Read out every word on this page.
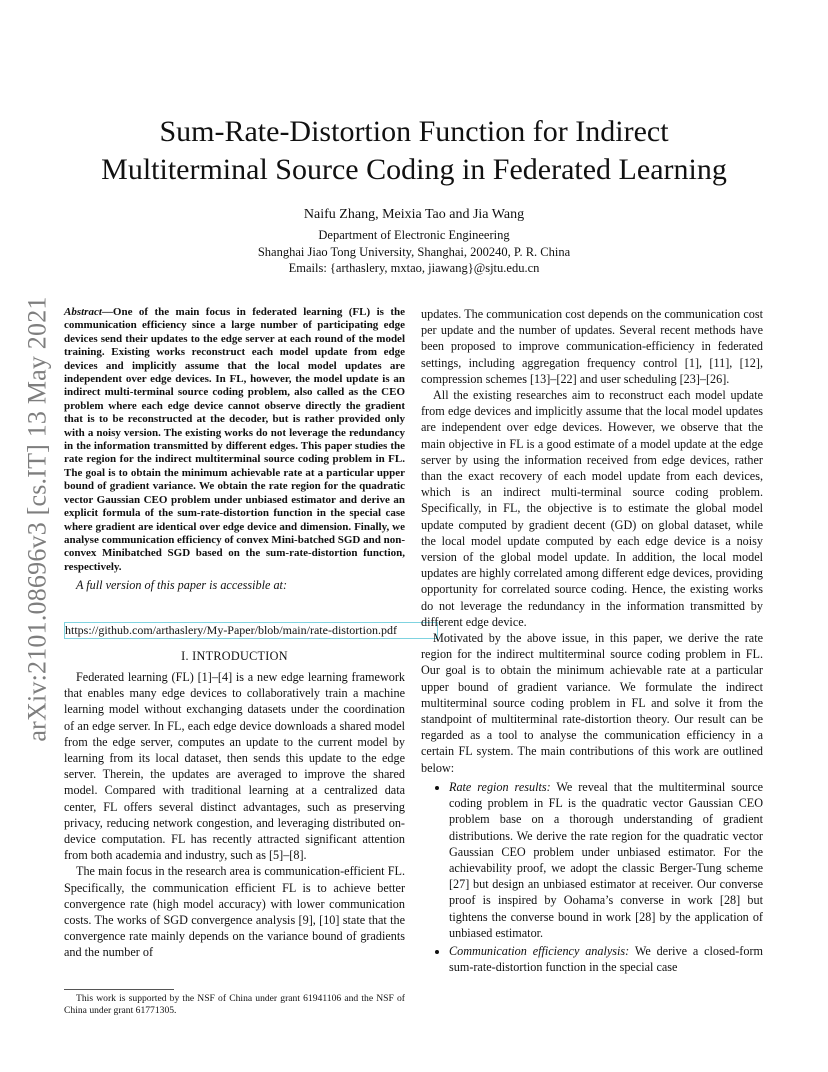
arXiv:2101.08696v3 [cs.IT] 13 May 2021
Sum-Rate-Distortion Function for Indirect
Multiterminal Source Coding in Federated Learning
Naifu Zhang, Meixia Tao and Jia Wang
Department of Electronic Engineering
Shanghai Jiao Tong University, Shanghai, 200240, P. R. China
Emails: {arthaslery, mxtao, jiawang}@sjtu.edu.cn

Abstract—One of the main focus in federated learning (FL) is the communication efficiency since a large number of participating edge devices send their updates to the edge server at each round of the model training. Existing works reconstruct each model update from edge devices and implicitly assume that the local model updates are independent over edge devices. In FL, however, the model update is an indirect multi-terminal source coding problem, also called as the CEO problem where each edge device cannot observe directly the gradient that is to be reconstructed at the decoder, but is rather provided only with a noisy version. The existing works do not leverage the redundancy in the information transmitted by different edges. This paper studies the rate region for the indirect multiterminal source coding problem in FL. The goal is to obtain the minimum achievable rate at a particular upper bound of gradient variance. We obtain the rate region for the quadratic vector Gaussian CEO problem under unbiased estimator and derive an explicit formula of the sum-rate-distortion function in the special case where gradient are identical over edge device and dimension. Finally, we analyse communication efficiency of convex Mini-batched SGD and non-convex Minibatched SGD based on the sum-rate-distortion function, respectively.

A full version of this paper is accessible at:

https://github.com/arthaslery/My-Paper/blob/main/rate-distortion.pdf
I. INTRODUCTION

Federated learning (FL) [1]–[4] is a new edge learning framework that enables many edge devices to collaboratively train a machine learning model without exchanging datasets under the coordination of an edge server. In FL, each edge device downloads a shared model from the edge server, computes an update to the current model by learning from its local dataset, then sends this update to the edge server. Therein, the updates are averaged to improve the shared model. Compared with traditional learning at a centralized data center, FL offers several distinct advantages, such as preserving privacy, reducing network congestion, and leveraging distributed on-device computation. FL has recently attracted significant attention from both academia and industry, such as [5]–[8].

The main focus in the research area is communication-efficient FL. Specifically, the communication efficient FL is to achieve better convergence rate (high model accuracy) with lower communication costs. The works of SGD convergence analysis [9], [10] state that the convergence rate mainly depends on the variance bound of gradients and the number of

This work is supported by the NSF of China under grant 61941106 and the NSF of China under grant 61771305.

updates. The communication cost depends on the communication cost per update and the number of updates. Several recent methods have been proposed to improve communication-efficiency in federated settings, including aggregation frequency control [1], [11], [12], compression schemes [13]–[22] and user scheduling [23]–[26].

All the existing researches aim to reconstruct each model update from edge devices and implicitly assume that the local model updates are independent over edge devices. However, we observe that the main objective in FL is a good estimate of a model update at the edge server by using the information received from edge devices, rather than the exact recovery of each model update from each devices, which is an indirect multi-terminal source coding problem. Specifically, in FL, the objective is to estimate the global model update computed by gradient decent (GD) on global dataset, while the local model update computed by each edge device is a noisy version of the global model update. In addition, the local model updates are highly correlated among different edge devices, providing opportunity for correlated source coding. Hence, the existing works do not leverage the redundancy in the information transmitted by different edge device.

Motivated by the above issue, in this paper, we derive the rate region for the indirect multiterminal source coding problem in FL. Our goal is to obtain the minimum achievable rate at a particular upper bound of gradient variance. We formulate the indirect multiterminal source coding problem in FL and solve it from the standpoint of multiterminal rate-distortion theory. Our result can be regarded as a tool to analyse the communication efficiency in a certain FL system. The main contributions of this work are outlined below:

• Rate region results: We reveal that the multiterminal source coding problem in FL is the quadratic vector Gaussian CEO problem base on a thorough understanding of gradient distributions. We derive the rate region for the quadratic vector Gaussian CEO problem under unbiased estimator. For the achievability proof, we adopt the classic Berger-Tung scheme [27] but design an unbiased estimator at receiver. Our converse proof is inspired by Oohama’s converse in work [28] but tightens the converse bound in work [28] by the application of unbiased estimator.
• Communication efficiency analysis: We derive a closed-form sum-rate-distortion function in the special case
